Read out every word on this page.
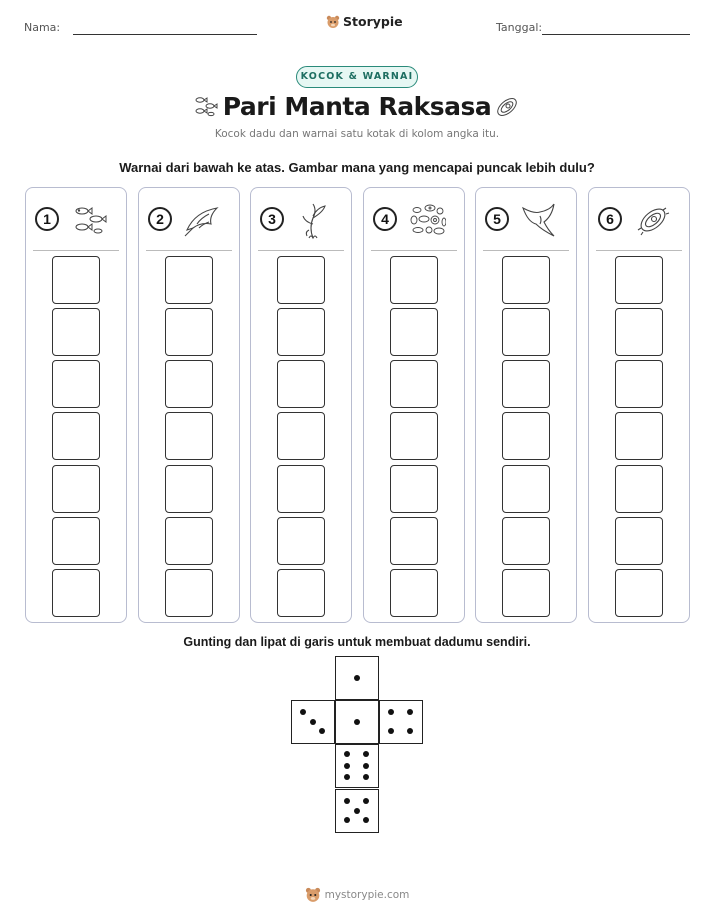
Nama:	Storypie	Tanggal:
KOCOK & WARNAI
Pari Manta Raksasa
Kocok dadu dan warnai satu kotak di kolom angka itu.
Warnai dari bawah ke atas. Gambar mana yang mencapai puncak lebih dulu?
1	2	3	4	5	6
Gunting dan lipat di garis untuk membuat dadumu sendiri.
mystorypie.com
